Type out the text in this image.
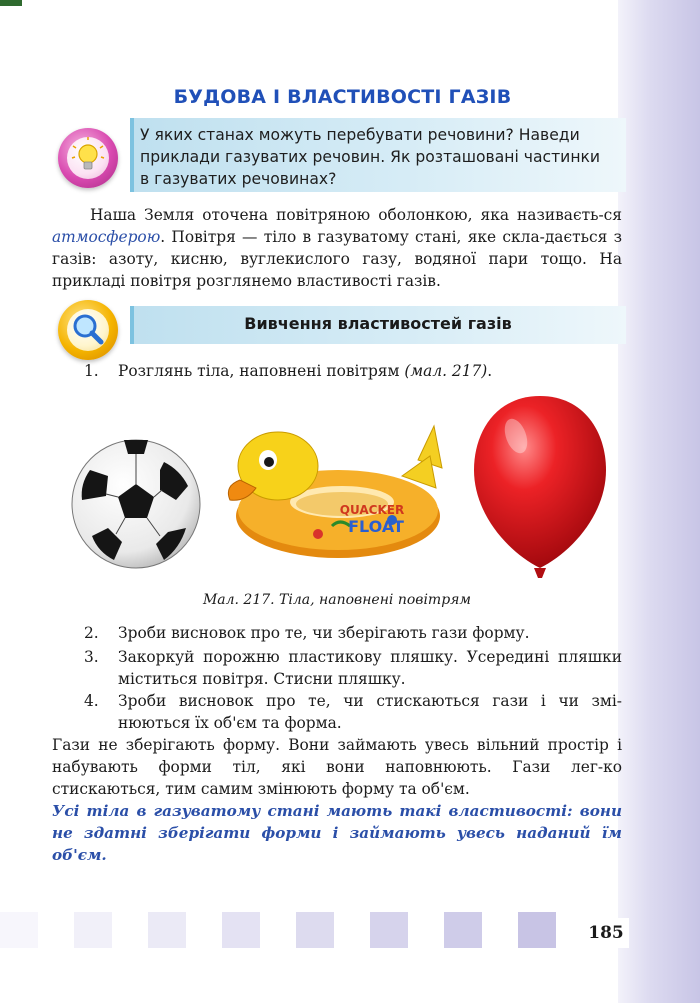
БУДОВА І ВЛАСТИВОСТІ ГАЗІВ
У яких станах можуть перебувати речовини? Наведи
приклади газуватих речовин. Як розташовані частинки
в газуватих речовинах?
Наша Земля оточена повітряною оболонкою, яка називаєть-ся атмосферою. Повітря — тіло в газуватому стані, яке скла-дається з газів: азоту, кисню, вуглекислого газу, водяної пари тощо. На прикладі повітря розглянемо властивості газів.
Вивчення властивостей газів
1. Розглянь тіла, наповнені повітрям (мал. 217).
QUACKER
FLOAT
Мал. 217. Тіла, наповнені повітрям
2. Зроби висновок про те, чи зберігають гази форму.
3. Закоркуй порожню пластикову пляшку. Усередині пляшки міститься повітря. Стисни пляшку.
4. Зроби висновок про те, чи стискаються гази і чи змі-нюються їх об'єм та форма.
Гази не зберігають форму. Вони займають увесь вільний простір і набувають форми тіл, які вони наповнюють. Гази лег-ко стискаються, тим самим змінюють форму та об'єм.
Усі тіла в газуватому стані мають такі властивості: вони не здатні зберігати форми і займають увесь наданий їм об'єм.
185
